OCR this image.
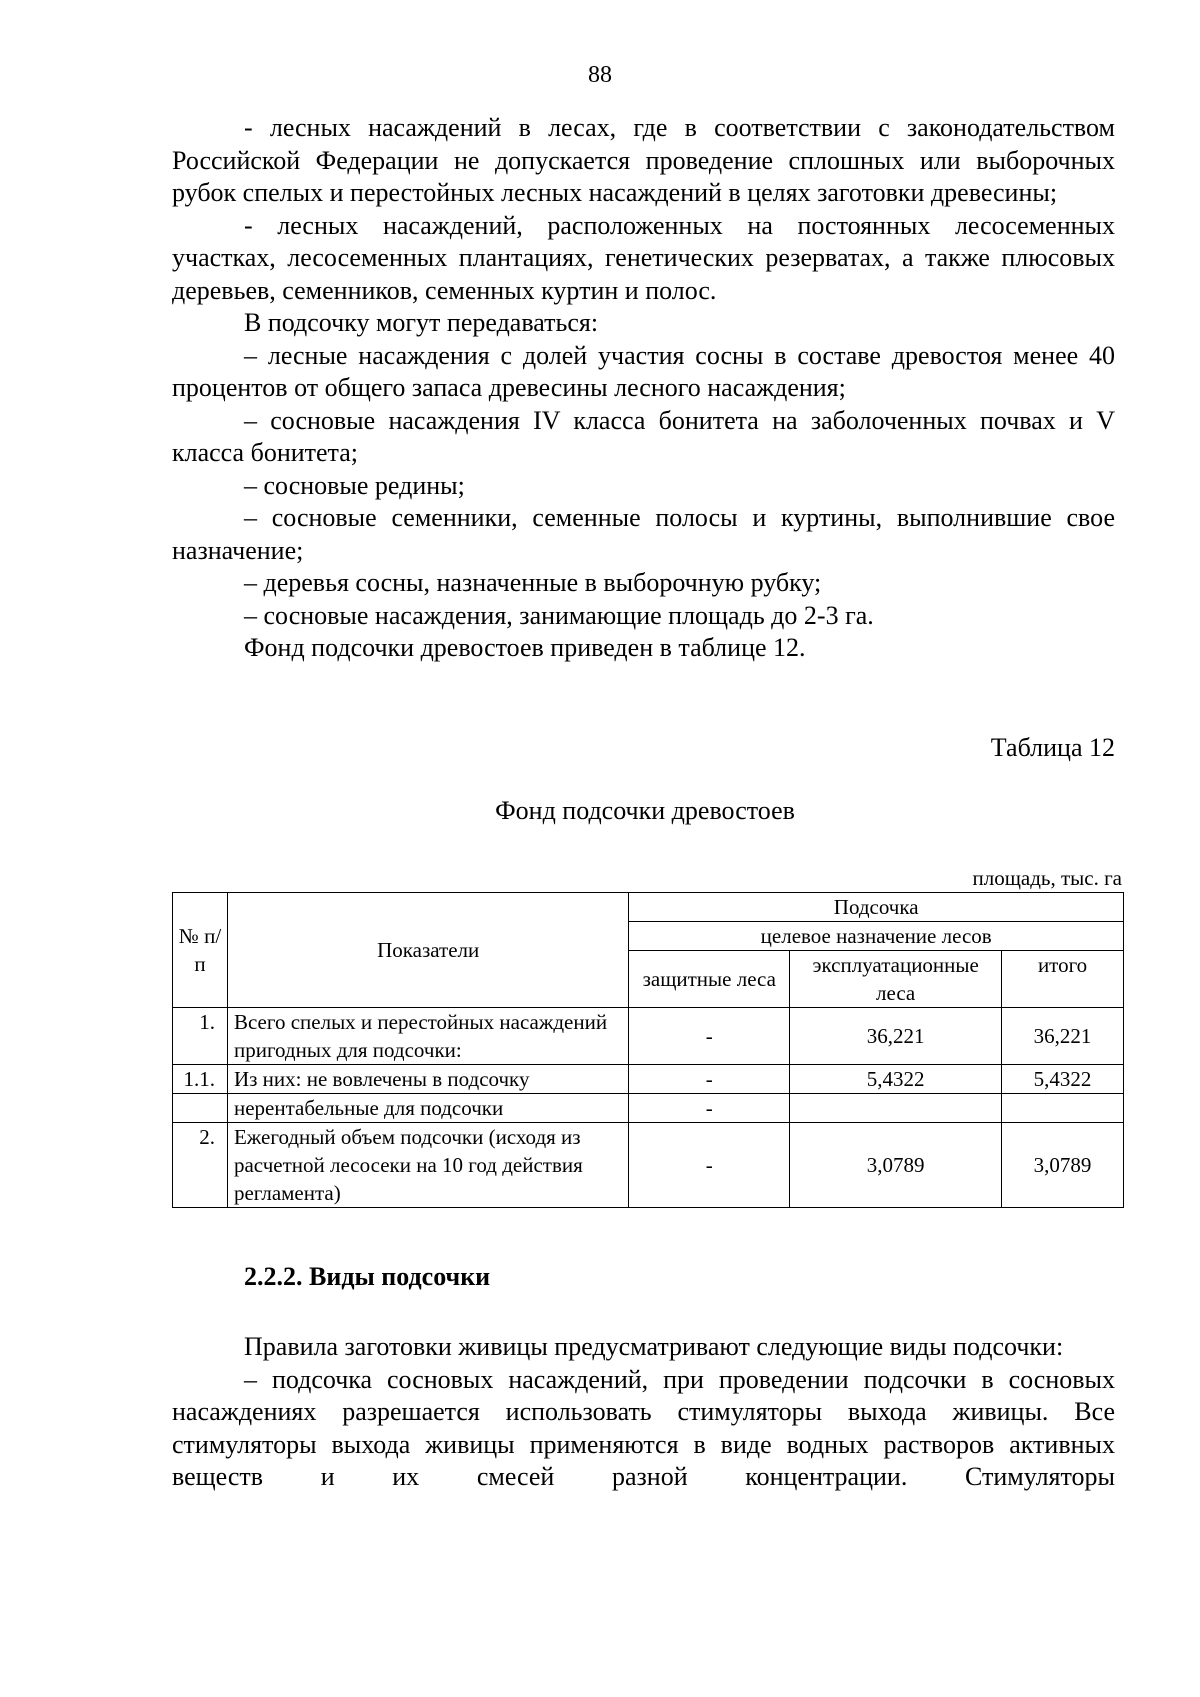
88

- лесных насаждений в лесах, где в соответствии с законодательством Российской Федерации не допускается проведение сплошных или выборочных рубок спелых и перестойных лесных насаждений в целях заготовки древесины;

- лесных насаждений, расположенных на постоянных лесосеменных участках, лесосеменных плантациях, генетических резерватах, а также плюсовых деревьев, семенников, семенных куртин и полос.

В подсочку могут передаваться:

– лесные насаждения с долей участия сосны в составе древостоя менее 40 процентов от общего запаса древесины лесного насаждения;

– сосновые насаждения IV класса бонитета на заболоченных почвах и V класса бонитета;

– сосновые редины;

– сосновые семенники, семенные полосы и куртины, выполнившие свое назначение;

– деревья сосны, назначенные в выборочную рубку;

– сосновые насаждения, занимающие площадь до 2-3 га.

Фонд подсочки древостоев приведен в таблице 12.

Таблица 12
Фонд подсочки древостоев
площадь, тыс. га
№ п/п	Показатели	Подсочка		
		целевое назначение лесов		
		защитные леса	эксплуатационные леса	итого
1.	Всего спелых и перестойных насаждений пригодных для подсочки:	-	36,221	36,221
1.1.	Из них: не вовлечены в подсочку	-	5,4322	5,4322
	нерентабельные для подсочки	-		
2.	Ежегодный объем подсочки (исходя из расчетной лесосеки на 10 год действия регламента)	-	3,0789	3,0789
2.2.2. Виды подсочки

Правила заготовки живицы предусматривают следующие виды подсочки:

– подсочка сосновых насаждений, при проведении подсочки в сосновых насаждениях разрешается использовать стимуляторы выхода живицы. Все стимуляторы выхода живицы применяются в виде водных растворов активных веществ и их смесей разной концентрации. Стимуляторы
